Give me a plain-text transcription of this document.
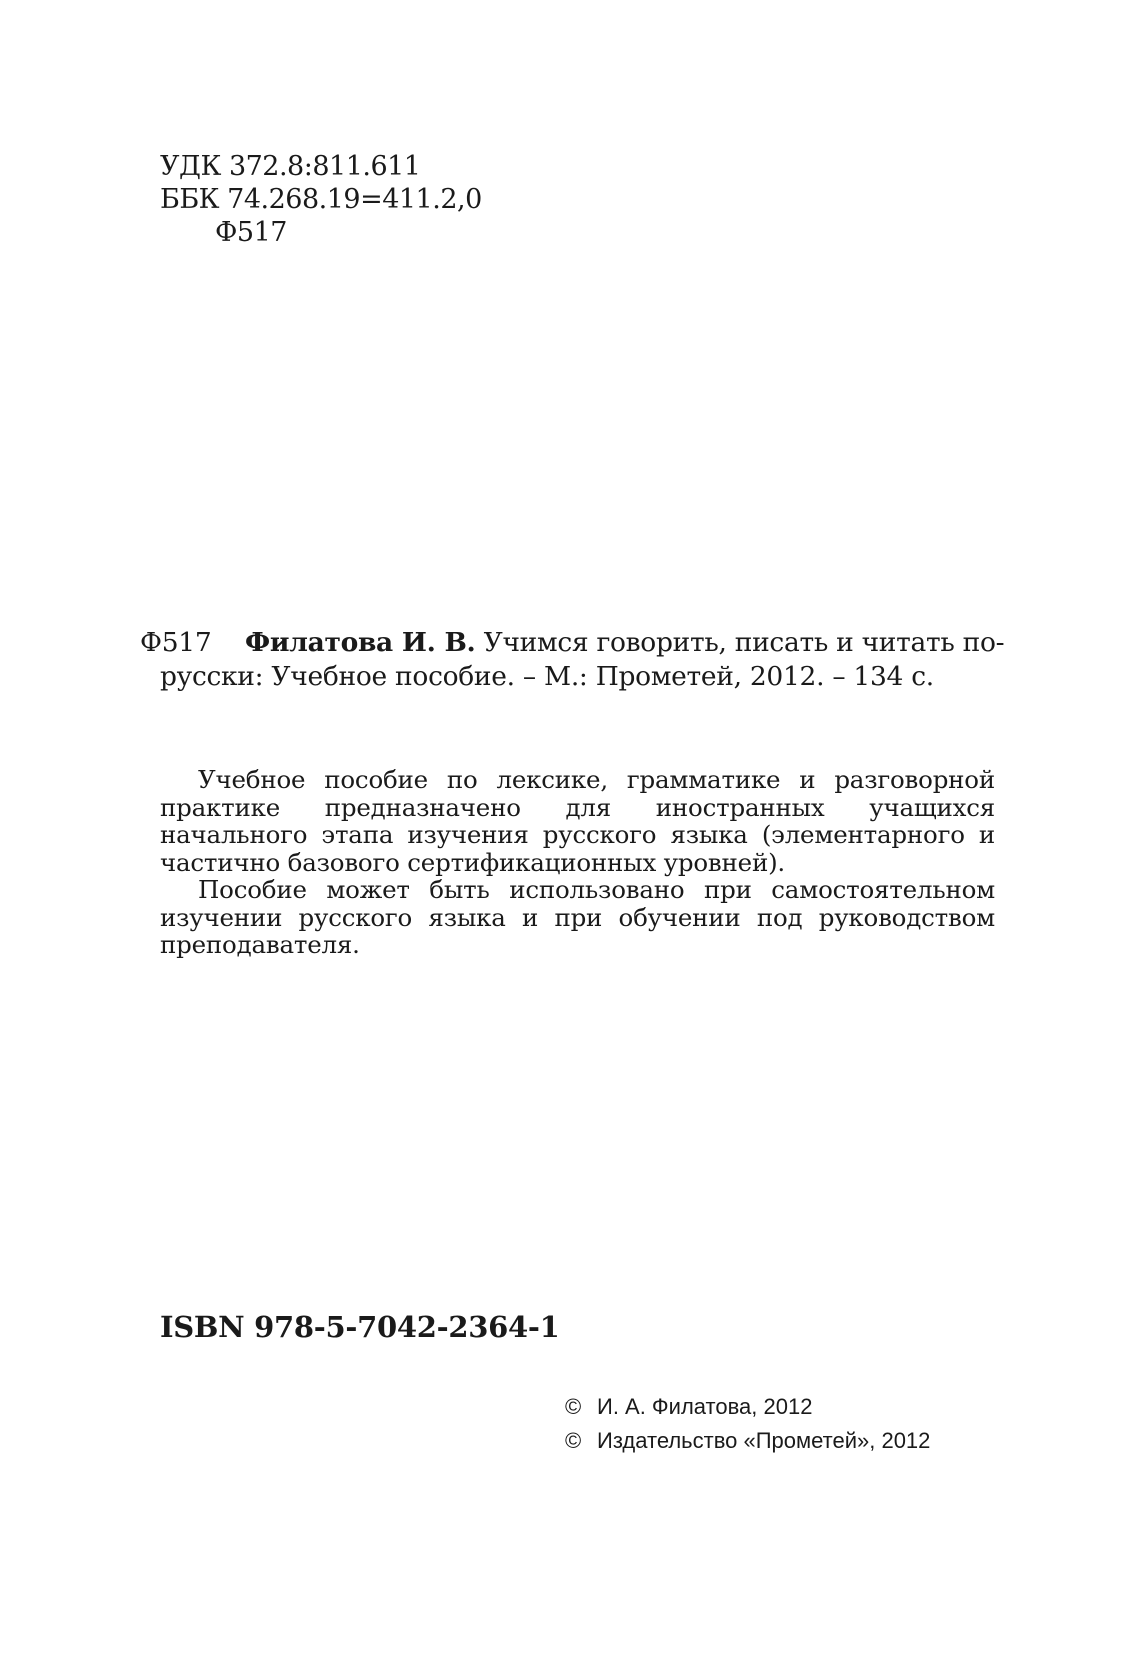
УДК 372.8:811.611
ББК 74.268.19=411.2,0
Ф517
Ф517 Филатова И. В. Учимся говорить, писать и читать по-
русски: Учебное пособие. – М.: Прометей, 2012. – 134 с.

Учебное пособие по лексике, грамматике и разговорной практике предназначено для иностранных учащихся начального этапа изучения русского языка (элементарного и частично базового сертификационных уровней).

Пособие может быть использовано при самостоятельном изучении русского языка и при обучении под руководством преподавателя.

ISBN 978-5-7042-2364-1
© И. А. Филатова, 2012
© Издательство «Прометей», 2012
